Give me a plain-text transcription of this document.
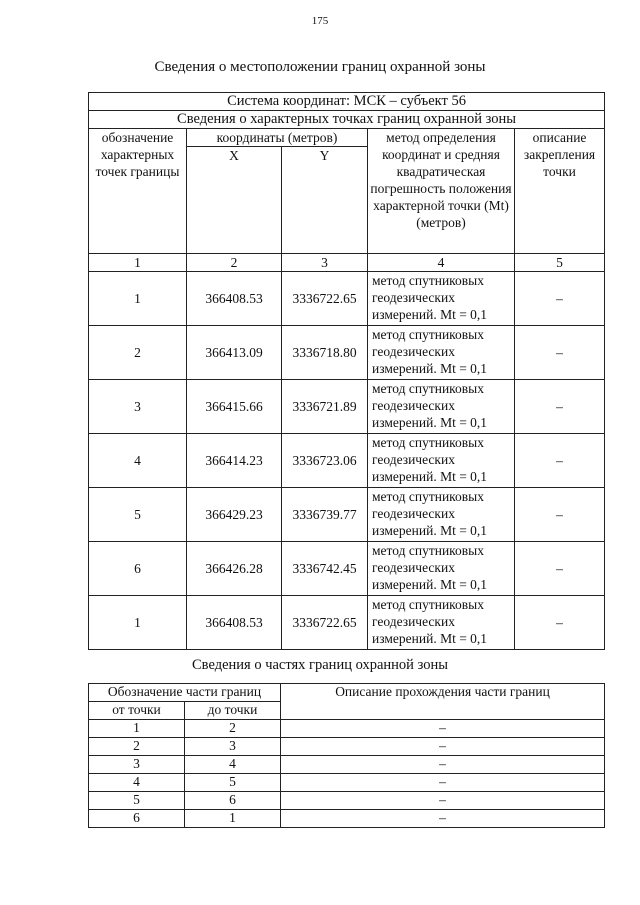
175
Сведения о местоположении границ охранной зоны
Система координат: МСК – субъект 56				
Сведения о характерных точках границ охранной зоны				
обозначение характерных точек границы	координаты (метров)		метод определения координат и средняя квадратическая погрешность положения характерной точки (Mt) (метров)	описание закрепления точки
	X	Y		
1	2	3	4	5
1	366408.53	3336722.65	метод спутниковых геодезических измерений. Mt = 0,1	–
2	366413.09	3336718.80	метод спутниковых геодезических измерений. Mt = 0,1	–
3	366415.66	3336721.89	метод спутниковых геодезических измерений. Mt = 0,1	–
4	366414.23	3336723.06	метод спутниковых геодезических измерений. Mt = 0,1	–
5	366429.23	3336739.77	метод спутниковых геодезических измерений. Mt = 0,1	–
6	366426.28	3336742.45	метод спутниковых геодезических измерений. Mt = 0,1	–
1	366408.53	3336722.65	метод спутниковых геодезических измерений. Mt = 0,1	–
Сведения о частях границ охранной зоны
Обозначение части границ		Описание прохождения части границ
от точки	до точки	
1	2	–
2	3	–
3	4	–
4	5	–
5	6	–
6	1	–
